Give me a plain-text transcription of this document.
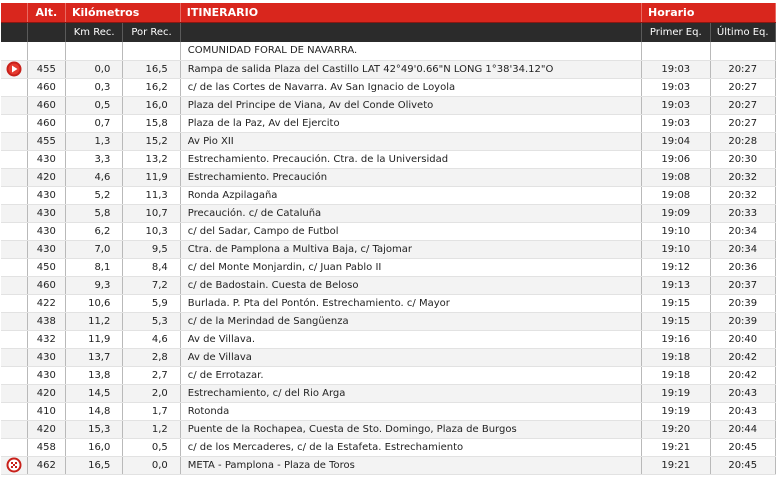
	Alt.	Kilómetros		ITINERARIO	Horario	
		Km Rec.	Por Rec.		Primer Eq.	Último Eq.
				COMUNIDAD FORAL DE NAVARRA.		
	455	0,0	16,5	Rampa de salida Plaza del Castillo LAT 42°49'0.66"N LONG 1°38'34.12"O	19:03	20:27
	460	0,3	16,2	c/ de las Cortes de Navarra. Av San Ignacio de Loyola	19:03	20:27
	460	0,5	16,0	Plaza del Principe de Viana, Av del Conde Oliveto	19:03	20:27
	460	0,7	15,8	Plaza de la Paz, Av del Ejercito	19:03	20:27
	455	1,3	15,2	Av Pio XII	19:04	20:28
	430	3,3	13,2	Estrechamiento. Precaución. Ctra. de la Universidad	19:06	20:30
	420	4,6	11,9	Estrechamiento. Precaución	19:08	20:32
	430	5,2	11,3	Ronda Azpilagaña	19:08	20:32
	430	5,8	10,7	Precaución. c/ de Cataluña	19:09	20:33
	430	6,2	10,3	c/ del Sadar, Campo de Futbol	19:10	20:34
	430	7,0	9,5	Ctra. de Pamplona a Multiva Baja, c/ Tajomar	19:10	20:34
	450	8,1	8,4	c/ del Monte Monjardin, c/ Juan Pablo II	19:12	20:36
	460	9,3	7,2	c/ de Badostain. Cuesta de Beloso	19:13	20:37
	422	10,6	5,9	Burlada. P. Pta del Pontón. Estrechamiento. c/ Mayor	19:15	20:39
	438	11,2	5,3	c/ de la Merindad de Sangüenza	19:15	20:39
	432	11,9	4,6	Av de Villava.	19:16	20:40
	430	13,7	2,8	Av de Villava	19:18	20:42
	430	13,8	2,7	c/ de Errotazar.	19:18	20:42
	420	14,5	2,0	Estrechamiento, c/ del Rio Arga	19:19	20:43
	410	14,8	1,7	Rotonda	19:19	20:43
	420	15,3	1,2	Puente de la Rochapea, Cuesta de Sto. Domingo, Plaza de Burgos	19:20	20:44
	458	16,0	0,5	c/ de los Mercaderes, c/ de la Estafeta. Estrechamiento	19:21	20:45
	462	16,5	0,0	META - Pamplona - Plaza de Toros	19:21	20:45
